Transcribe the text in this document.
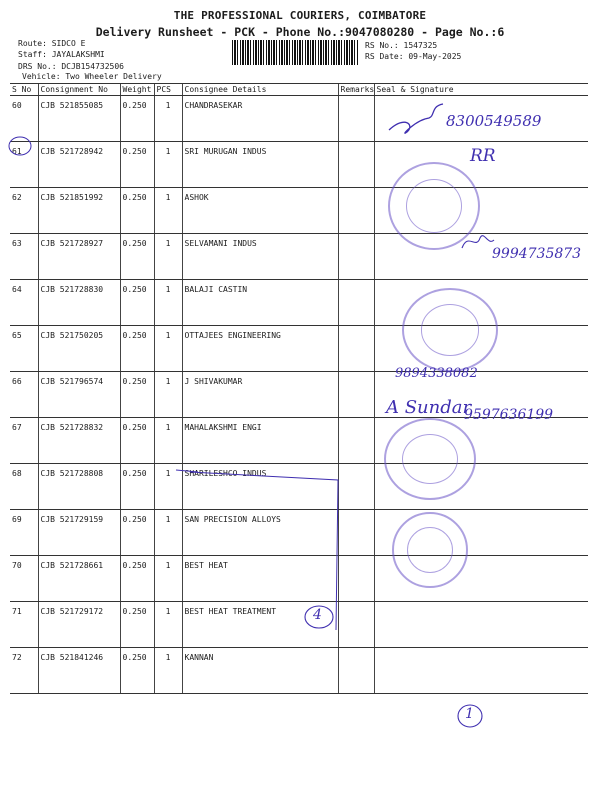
THE PROFESSIONAL COURIERS, COIMBATORE
Delivery Runsheet - PCK - Phone No.:9047080280 - Page No.:6
Route: SIDCO E
Staff: JAYALAKSHMI
DRS No.: DCJB154732506
Vehicle: Two Wheeler Delivery
RS No.: 1547325
RS Date: 09-May-2025
S No	Consignment No	Weight	PCS	Consignee Details	Remarks	Seal & Signature
60	CJB 521855085	0.250	1	CHANDRASEKAR		
61	CJB 521728942	0.250	1	SRI MURUGAN INDUS		
62	CJB 521851992	0.250	1	ASHOK		
63	CJB 521728927	0.250	1	SELVAMANI INDUS		
64	CJB 521728830	0.250	1	BALAJI CASTIN		
65	CJB 521750205	0.250	1	OTTAJEES ENGINEERING		
66	CJB 521796574	0.250	1	J SHIVAKUMAR		
67	CJB 521728832	0.250	1	MAHALAKSHMI ENGI		
68	CJB 521728808	0.250	1	SHARILESHCO INDUS		
69	CJB 521729159	0.250	1	SAN PRECISION ALLOYS		
70	CJB 521728661	0.250	1	BEST HEAT		
71	CJB 521729172	0.250	1	BEST HEAT TREATMENT		
72	CJB 521841246	0.250	1	KANNAN		
8300549589
RR
9994735873
9894338082
A Sundar
9597636199
4
1
